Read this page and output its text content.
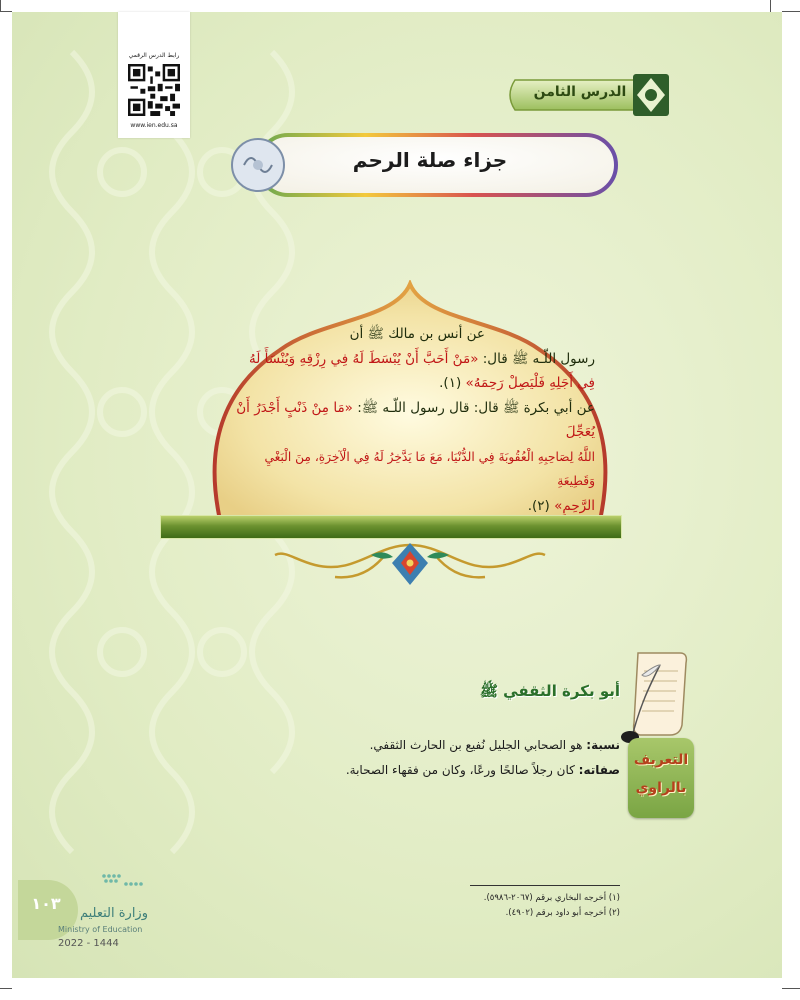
رابط الدرس الرقمي
www.ien.edu.sa
الدرس الثامن
جزاء صلة الرحم

عن أنس بن مالك ﷺ أن

رسول اللّـه ﷺ قال: «مَنْ أَحَبَّ أَنْ يُبْسَطَ لَهُ فِي رِزْقِهِ وَيُنْسَأَ لَهُ

فِي أَجَلِهِ فَلْيَصِلْ رَحِمَهُ» (١).

عن أبي بكرة ﷺ قال: قال رسول اللّـه ﷺ: «مَا مِنْ ذَنْبٍ أَجْدَرُ أَنْ يُعَجِّلَ

اللَّهُ لِصَاحِبِهِ الْعُقُوبَةَ فِي الدُّنْيَا، مَعَ مَا يَدَّخِرُ لَهُ فِي الْآخِرَةِ، مِنَ الْبَغْيِ وَقَطِيعَةِ

الرَّحِمِ» (٢).

أبو بكرة الثقفي ﷺ
التعريف
بالراوي
نسبة: هو الصحابي الجليل نُفيع بن الحارث الثقفي.
صفاته: كان رجلاً صالحًا ورعًا، وكان من فقهاء الصحابة.
(١) أخرجه البخاري برقم (٢٠٦٧-٥٩٨٦).
(٢) أخرجه أبو داود برقم (٤٩٠٢).
١٠٣
وزارة التعليم
Ministry of Education
2022 - 1444
